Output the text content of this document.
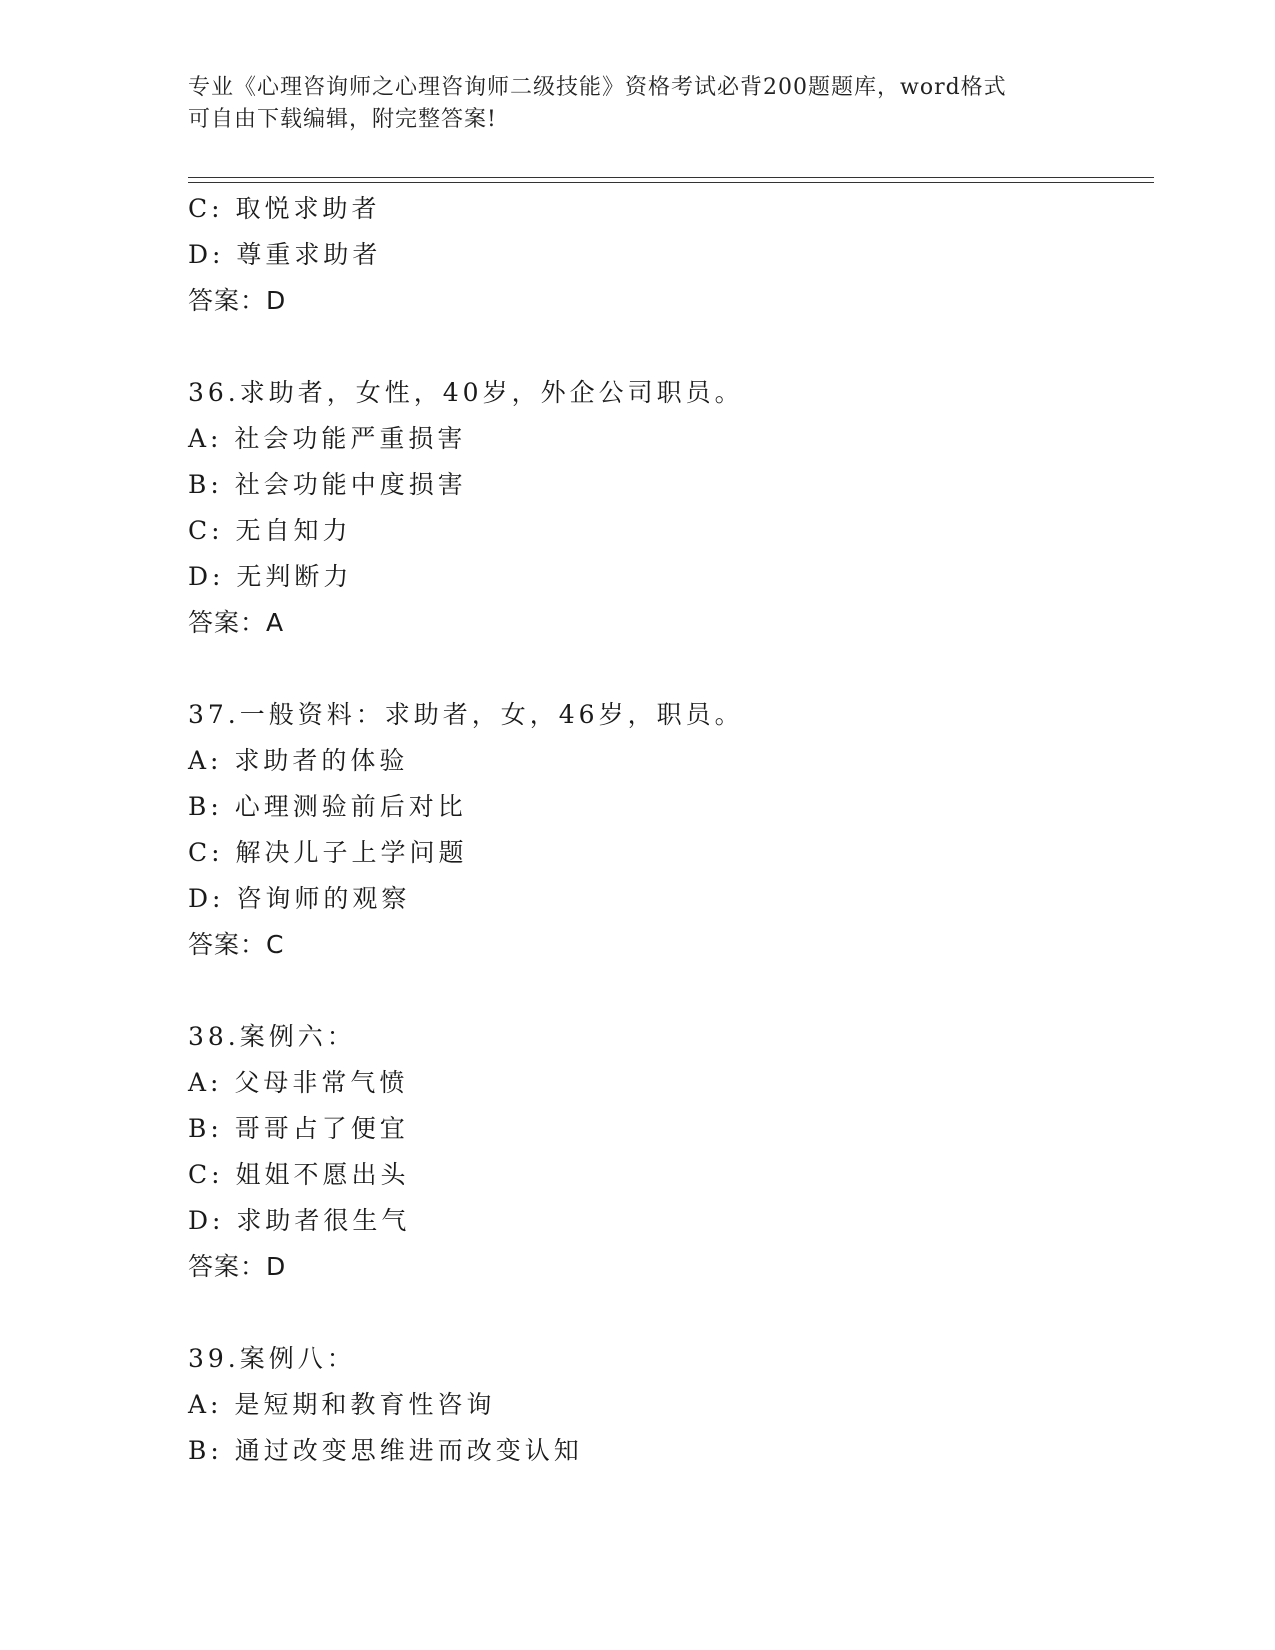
专业《心理咨询师之心理咨询师二级技能》资格考试必背200题题库，word格式
可自由下载编辑，附完整答案!
C: 取悦求助者
D: 尊重求助者
答案：D
36.求助者，女性，40岁，外企公司职员。
A: 社会功能严重损害
B: 社会功能中度损害
C: 无自知力
D: 无判断力
答案：A
37.一般资料：求助者，女，46岁，职员。
A: 求助者的体验
B: 心理测验前后对比
C: 解决儿子上学问题
D: 咨询师的观察
答案：C
38.案例六：
A: 父母非常气愤
B: 哥哥占了便宜
C: 姐姐不愿出头
D: 求助者很生气
答案：D
39.案例八：
A: 是短期和教育性咨询
B: 通过改变思维进而改变认知
